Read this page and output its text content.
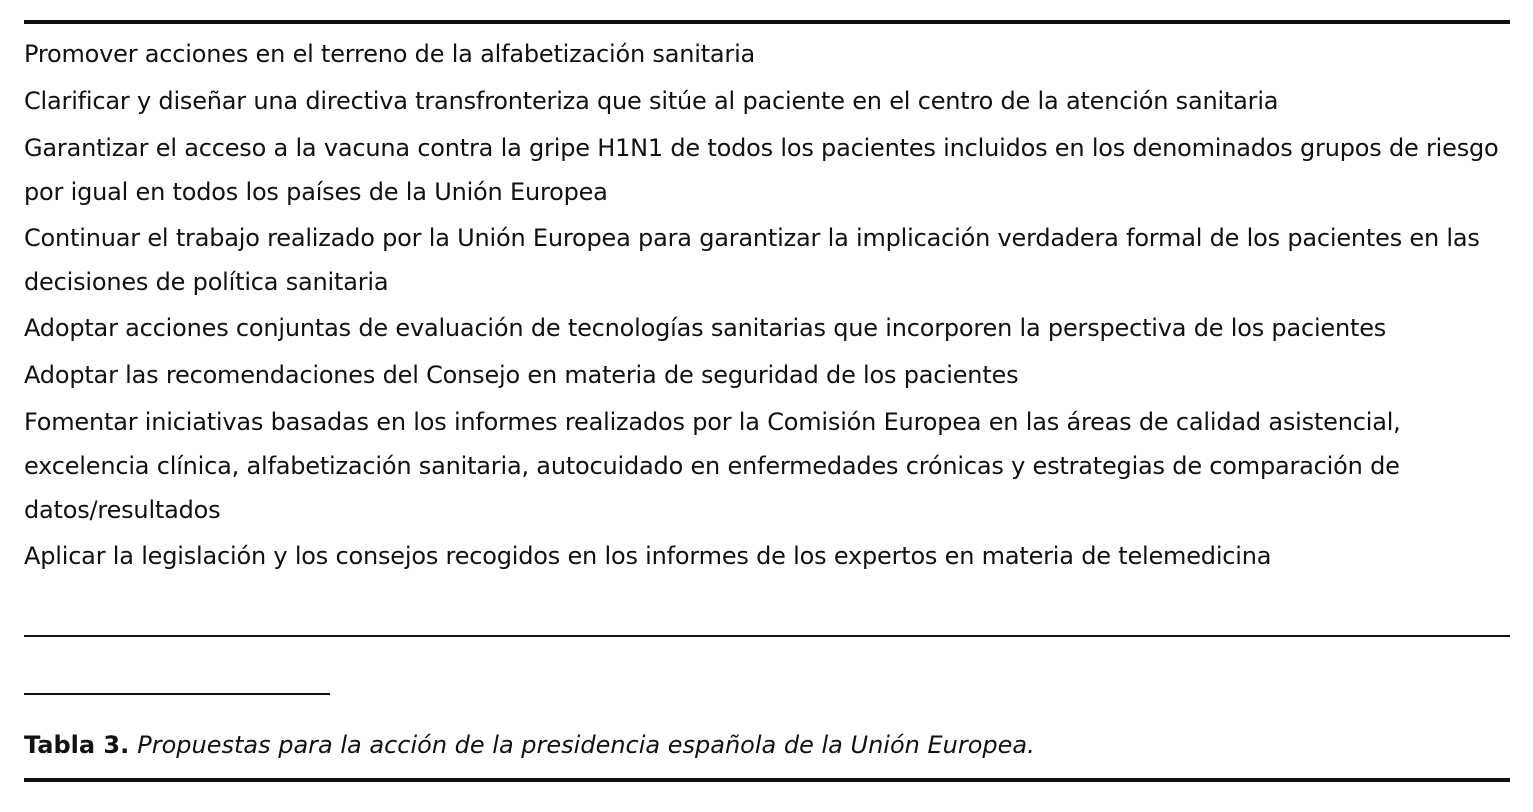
Promover acciones en el terreno de la alfabetización sanitaria
Clarificar y diseñar una directiva transfronteriza que sitúe al paciente en el centro de la atención sanitaria
Garantizar el acceso a la vacuna contra la gripe H1N1 de todos los pacientes incluidos en los denominados grupos de riesgo por igual en todos los países de la Unión Europea
Continuar el trabajo realizado por la Unión Europea para garantizar la implicación verdadera formal de los pacientes en las decisiones de política sanitaria
Adoptar acciones conjuntas de evaluación de tecnologías sanitarias que incorporen la perspectiva de los pacientes
Adoptar las recomendaciones del Consejo en materia de seguridad de los pacientes
Fomentar iniciativas basadas en los informes realizados por la Comisión Europea en las áreas de calidad asistencial, excelencia clínica, alfabetización sanitaria, autocuidado en enfermedades crónicas y estrategias de comparación de datos/resultados
Aplicar la legislación y los consejos recogidos en los informes de los expertos en materia de telemedicina
Tabla 3. Propuestas para la acción de la presidencia española de la Unión Europea.
